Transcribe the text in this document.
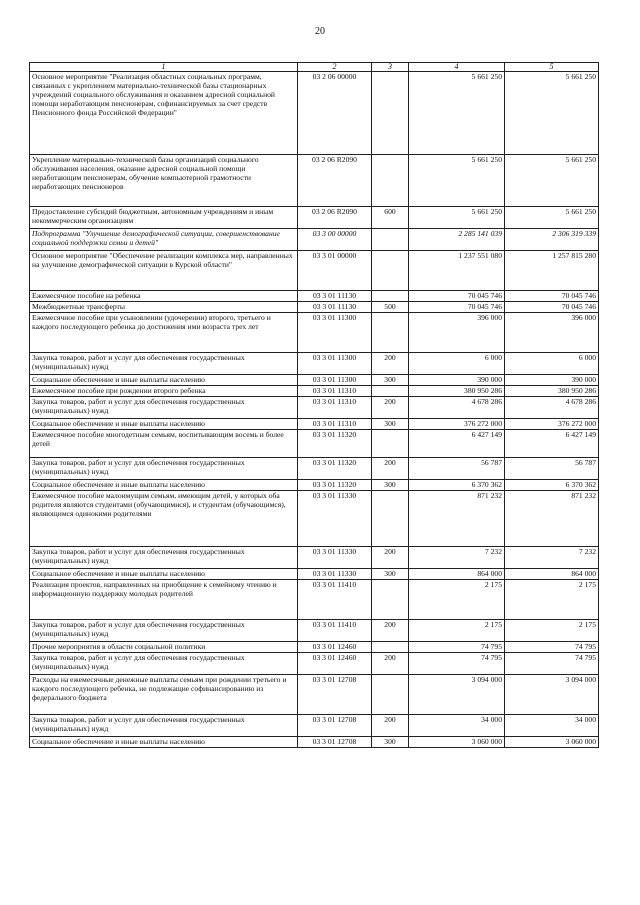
20
1	2	3	4	5
Основное мероприятие "Реализация областных социальных программ, связанных с укреплением материально-технической базы стационарных учреждений социального обслуживания и оказанием адресной социальной помощи неработающим пенсионерам, софинансируемых за счет средств Пенсионного фонда Российской Федерации"	03 2 06 00000		5 661 250	5 661 250
Укрепление материально-технической базы организаций социального обслуживания населения, оказание адресной социальной помощи неработающим пенсионерам, обучение компьютерной грамотности неработающих пенсионеров	03 2 06 R2090		5 661 250	5 661 250
Предоставление субсидий бюджетным, автономным учреждениям и иным некоммерческим организациям	03 2 06 R2090	600	5 661 250	5 661 250
Подпрограмма "Улучшение демографической ситуации, совершенствование социальной поддержки семьи и детей"	03 3 00 00000		2 285 141 039	2 306 319 339
Основное мероприятие "Обеспечение реализации комплекса мер, направленных на улучшение демографической ситуации в Курской области"	03 3 01 00000		1 237 551 080	1 257 815 280
Ежемесячное пособие на ребенка	03 3 01 11130		70 045 746	70 045 746
Межбюджетные трансферты	03 3 01 11130	500	70 045 746	70 045 746
Ежемесячное пособие при усыновлении (удочерении) второго, третьего и каждого последующего ребенка до достижения ими возраста трех лет	03 3 01 11300		396 000	396 000
Закупка товаров, работ и услуг для обеспечения государственных (муниципальных) нужд	03 3 01 11300	200	6 000	6 000
Социальное обеспечение и иные выплаты населению	03 3 01 11300	300	390 000	390 000
Ежемесячное пособие при рождении второго ребенка	03 3 01 11310		380 950 286	380 950 286
Закупка товаров, работ и услуг для обеспечения государственных (муниципальных) нужд	03 3 01 11310	200	4 678 286	4 678 286
Социальное обеспечение и иные выплаты населению	03 3 01 11310	300	376 272 000	376 272 000
Ежемесячное пособие многодетным семьям, воспитывающим восемь и более детей	03 3 01 11320		6 427 149	6 427 149
Закупка товаров, работ и услуг для обеспечения государственных (муниципальных) нужд	03 3 01 11320	200	56 787	56 787
Социальное обеспечение и иные выплаты населению	03 3 01 11320	300	6 370 362	6 370 362
Ежемесячное пособие малоимущим семьям, имеющим детей, у которых оба родителя являются студентами (обучающимися), и студентам (обучающимся), являющимся одинокими родителями	03 3 01 11330		871 232	871 232
Закупка товаров, работ и услуг для обеспечения государственных (муниципальных) нужд	03 3 01 11330	200	7 232	7 232
Социальное обеспечение и иные выплаты населению	03 3 01 11330	300	864 000	864 000
Реализация проектов, направленных на приобщение к семейному чтению и информационную поддержку молодых родителей	03 3 01 11410		2 175	2 175
Закупка товаров, работ и услуг для обеспечения государственных (муниципальных) нужд	03 3 01 11410	200	2 175	2 175
Прочие мероприятия в области социальной политики	03 3 01 12460		74 795	74 795
Закупка товаров, работ и услуг для обеспечения государственных (муниципальных) нужд	03 3 01 12460	200	74 795	74 795
Расходы на ежемесячные денежные выплаты семьям при рождении третьего и каждого последующего ребенка, не подлежащие софинансированию из федерального бюджета	03 3 01 12708		3 094 000	3 094 000
Закупка товаров, работ и услуг для обеспечения государственных (муниципальных) нужд	03 3 01 12708	200	34 000	34 000
Социальное обеспечение и иные выплаты населению	03 3 01 12708	300	3 060 000	3 060 000
